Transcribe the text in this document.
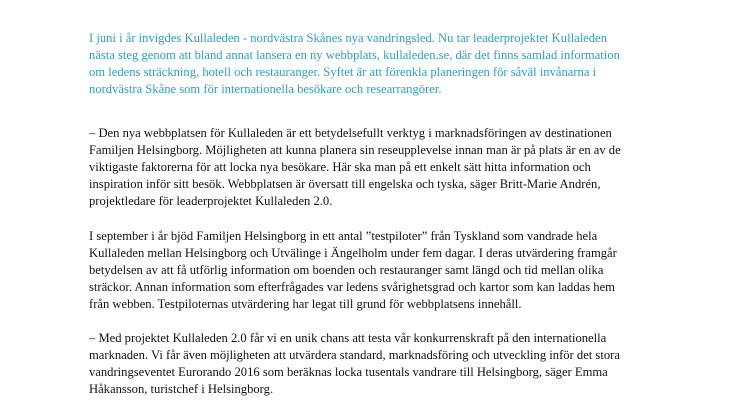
I juni i år invigdes Kullaleden - nordvästra Skånes nya vandringsled. Nu tar leaderprojektet Kullaleden
nästa steg genom att bland annat lansera en ny webbplats, kullaleden.se, där det finns samlad information
om ledens sträckning, hotell och restauranger. Syftet är att förenkla planeringen för såväl invånarna i
nordvästra Skåne som för internationella besökare och researrangörer.

– Den nya webbplatsen för Kullaleden är ett betydelsefullt verktyg i marknadsföringen av destinationen
Familjen Helsingborg. Möjligheten att kunna planera sin reseupplevelse innan man är på plats är en av de
viktigaste faktorerna för att locka nya besökare. Här ska man på ett enkelt sätt hitta information och
inspiration inför sitt besök. Webbplatsen är översatt till engelska och tyska, säger Britt-Marie Andrén,
projektledare för leaderprojektet Kullaleden 2.0.

I september i år bjöd Familjen Helsingborg in ett antal ”testpiloter” från Tyskland som vandrade hela
Kullaleden mellan Helsingborg och Utvälinge i Ängelholm under fem dagar. I deras utvärdering framgår
betydelsen av att få utförlig information om boenden och restauranger samt längd och tid mellan olika
sträckor. Annan information som efterfrågades var ledens svårighetsgrad och kartor som kan laddas hem
från webben. Testpiloternas utvärdering har legat till grund för webbplatsens innehåll.

– Med projektet Kullaleden 2.0 får vi en unik chans att testa vår konkurrenskraft på den internationella
marknaden. Vi får även möjligheten att utvärdera standard, marknadsföring och utveckling inför det stora
vandringseventet Eurorando 2016 som beräknas locka tusentals vandrare till Helsingborg, säger Emma
Håkansson, turistchef i Helsingborg.
